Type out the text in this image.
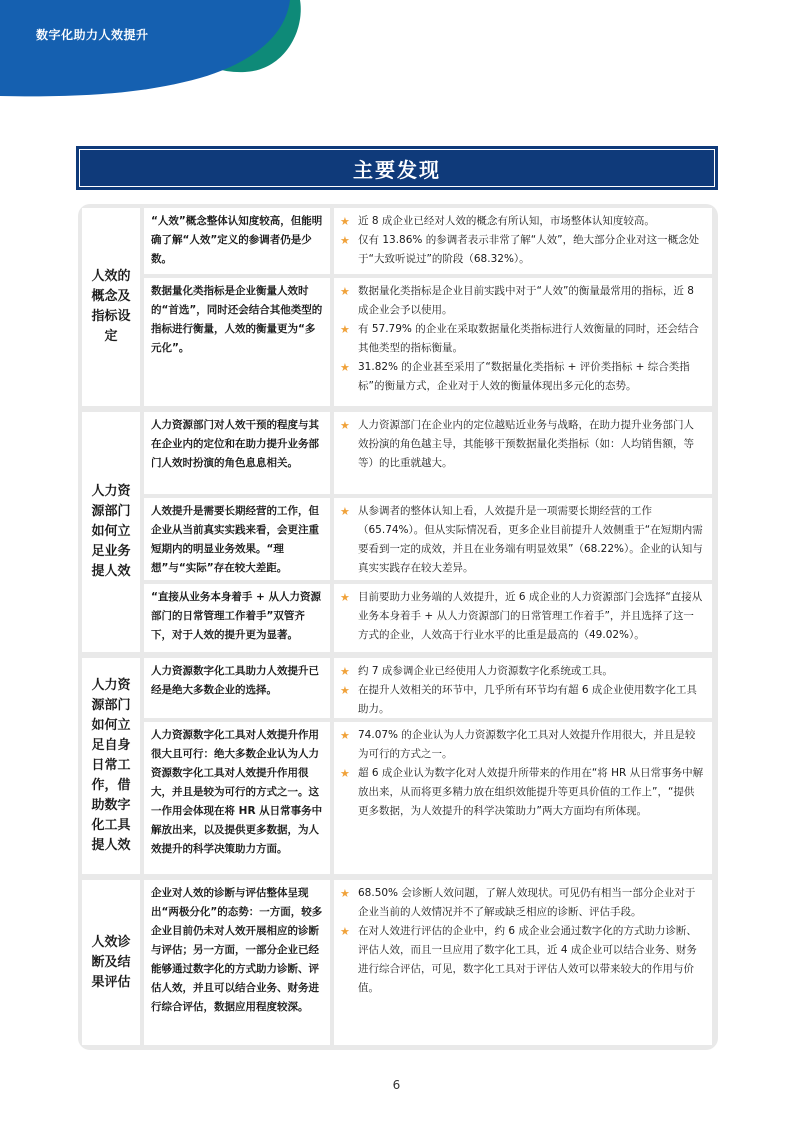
数字化助力人效提升
主要发现
人效的概念及指标设定
“人效”概念整体认知度较高，但能明确了解“人效”定义的参调者仍是少数。
★ 近 8 成企业已经对人效的概念有所认知，市场整体认知度较高。
★ 仅有 13.86% 的参调者表示非常了解“人效”，绝大部分企业对这一概念处于“大致听说过”的阶段（68.32%）。
数据量化类指标是企业衡量人效时的“首选”，同时还会结合其他类型的指标进行衡量，人效的衡量更为“多元化”。
★ 数据量化类指标是企业目前实践中对于“人效”的衡量最常用的指标，近 8 成企业会予以使用。
★ 有 57.79% 的企业在采取数据量化类指标进行人效衡量的同时，还会结合其他类型的指标衡量。
★ 31.82% 的企业甚至采用了“数据量化类指标 + 评价类指标 + 综合类指标”的衡量方式，企业对于人效的衡量体现出多元化的态势。
人力资源部门如何立足业务提人效
人力资源部门对人效干预的程度与其在企业内的定位和在助力提升业务部门人效时扮演的角色息息相关。
★ 人力资源部门在企业内的定位越贴近业务与战略，在助力提升业务部门人效扮演的角色越主导，其能够干预数据量化类指标（如：人均销售额，等等）的比重就越大。
人效提升是需要长期经营的工作，但企业从当前真实实践来看，会更注重短期内的明显业务效果。“理想”与“实际”存在较大差距。
★ 从参调者的整体认知上看，人效提升是一项需要长期经营的工作（65.74%）。但从实际情况看，更多企业目前提升人效侧重于“在短期内需要看到一定的成效，并且在业务端有明显效果”（68.22%）。企业的认知与真实实践存在较大差异。
“直接从业务本身着手 + 从人力资源部门的日常管理工作着手”双管齐下，对于人效的提升更为显著。
★ 目前要助力业务端的人效提升，近 6 成企业的人力资源部门会选择“直接从业务本身着手 + 从人力资源部门的日常管理工作着手”，并且选择了这一方式的企业，人效高于行业水平的比重是最高的（49.02%）。
人力资源部门如何立足自身日常工作，借助数字化工具提人效
人力资源数字化工具助力人效提升已经是绝大多数企业的选择。
★ 约 7 成参调企业已经使用人力资源数字化系统或工具。
★ 在提升人效相关的环节中，几乎所有环节均有超 6 成企业使用数字化工具助力。
人力资源数字化工具对人效提升作用很大且可行：绝大多数企业认为人力资源数字化工具对人效提升作用很大，并且是较为可行的方式之一。这一作用会体现在将 HR 从日常事务中解放出来，以及提供更多数据，为人效提升的科学决策助力方面。
★ 74.07% 的企业认为人力资源数字化工具对人效提升作用很大，并且是较为可行的方式之一。
★ 超 6 成企业认为数字化对人效提升所带来的作用在“将 HR 从日常事务中解放出来，从而将更多精力放在组织效能提升等更具价值的工作上”，“提供更多数据，为人效提升的科学决策助力”两大方面均有所体现。
人效诊断及结果评估
企业对人效的诊断与评估整体呈现出“两极分化”的态势：一方面，较多企业目前仍未对人效开展相应的诊断与评估；另一方面，一部分企业已经能够通过数字化的方式助力诊断、评估人效，并且可以结合业务、财务进行综合评估，数据应用程度较深。
★ 68.50% 会诊断人效问题，了解人效现状。可见仍有相当一部分企业对于企业当前的人效情况并不了解或缺乏相应的诊断、评估手段。
★ 在对人效进行评估的企业中，约 6 成企业会通过数字化的方式助力诊断、评估人效，而且一旦应用了数字化工具，近 4 成企业可以结合业务、财务进行综合评估，可见，数字化工具对于评估人效可以带来较大的作用与价值。
6
